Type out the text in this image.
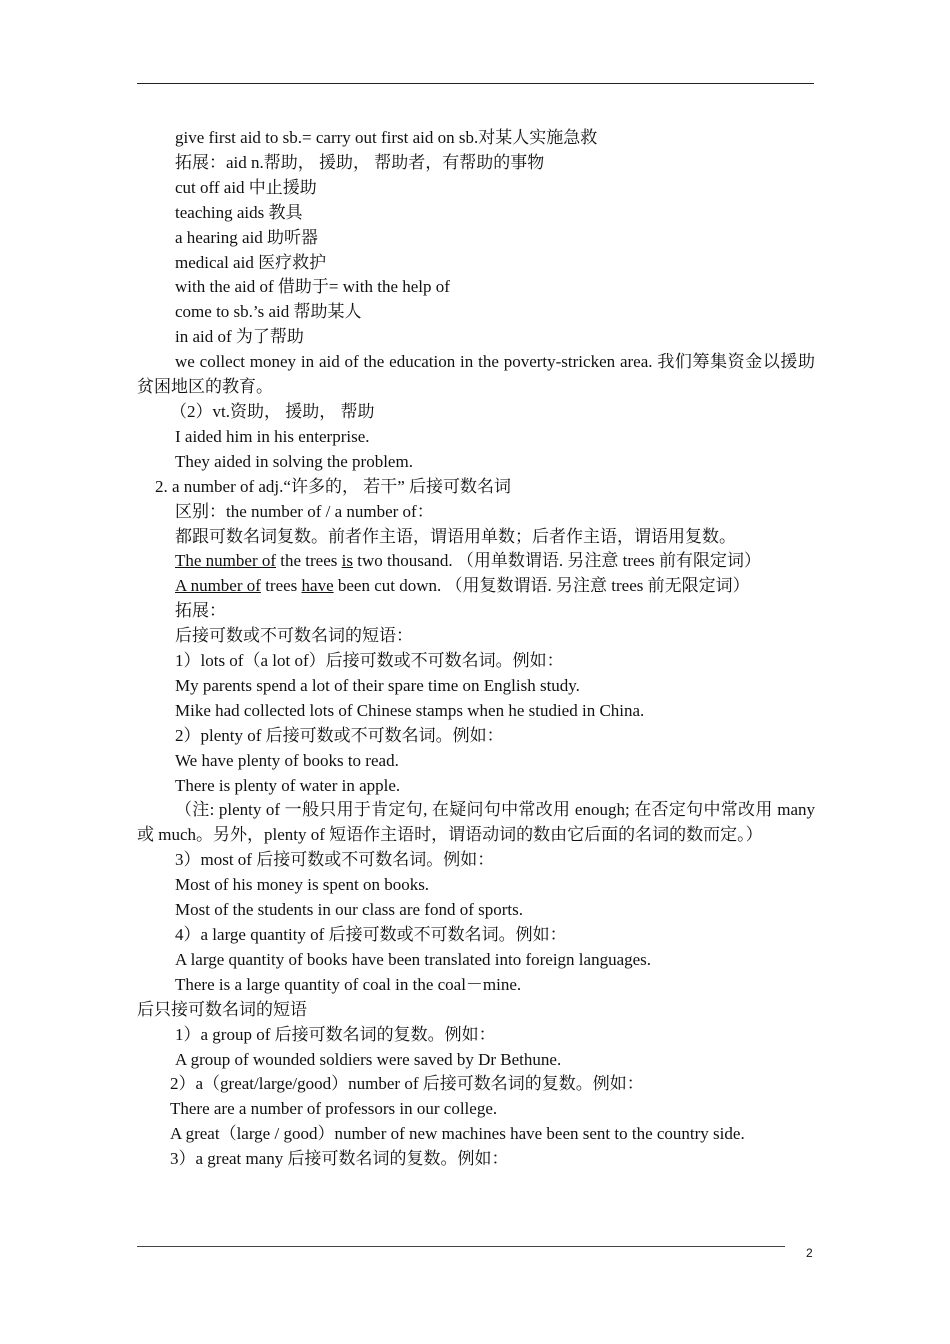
give first aid to sb.= carry out first aid on sb.对某人实施急救
拓展：aid n.帮助， 援助， 帮助者，有帮助的事物
cut off aid 中止援助
teaching aids 教具
a hearing aid 助听器
medical aid 医疗救护
with the aid of 借助于= with the help of
come to sb.’s aid 帮助某人
in aid of 为了帮助
we collect money in aid of the education in the poverty-stricken area. 我们筹集资金以援助贫困地区的教育。
（2）vt.资助， 援助， 帮助
I aided him in his enterprise.
They aided in solving the problem.
2. a number of adj.“许多的， 若干” 后接可数名词
区别：the number of / a number of：
都跟可数名词复数。前者作主语，谓语用单数；后者作主语，谓语用复数。
The number of the trees is two thousand. （用单数谓语. 另注意 trees 前有限定词）
A number of trees have been cut down. （用复数谓语. 另注意 trees 前无限定词）
拓展：
后接可数或不可数名词的短语：
1）lots of（a lot of）后接可数或不可数名词。例如：
My parents spend a lot of their spare time on English study.
Mike had collected lots of Chinese stamps when he studied in China.
2）plenty of 后接可数或不可数名词。例如：
We have plenty of books to read.
There is plenty of water in apple.
（注: plenty of 一般只用于肯定句, 在疑问句中常改用 enough; 在否定句中常改用 many 或 much。另外，plenty of 短语作主语时，谓语动词的数由它后面的名词的数而定。）
3）most of 后接可数或不可数名词。例如：
Most of his money is spent on books.
Most of the students in our class are fond of sports.
4）a large quantity of 后接可数或不可数名词。例如：
A large quantity of books have been translated into foreign languages.
There is a large quantity of coal in the coal－mine.
后只接可数名词的短语
1）a group of 后接可数名词的复数。例如：
A group of wounded soldiers were saved by Dr Bethune.
2）a（great/large/good）number of 后接可数名词的复数。例如：
There are a number of professors in our college.
A great（large / good）number of new machines have been sent to the country side.
3）a great many 后接可数名词的复数。例如：
2
